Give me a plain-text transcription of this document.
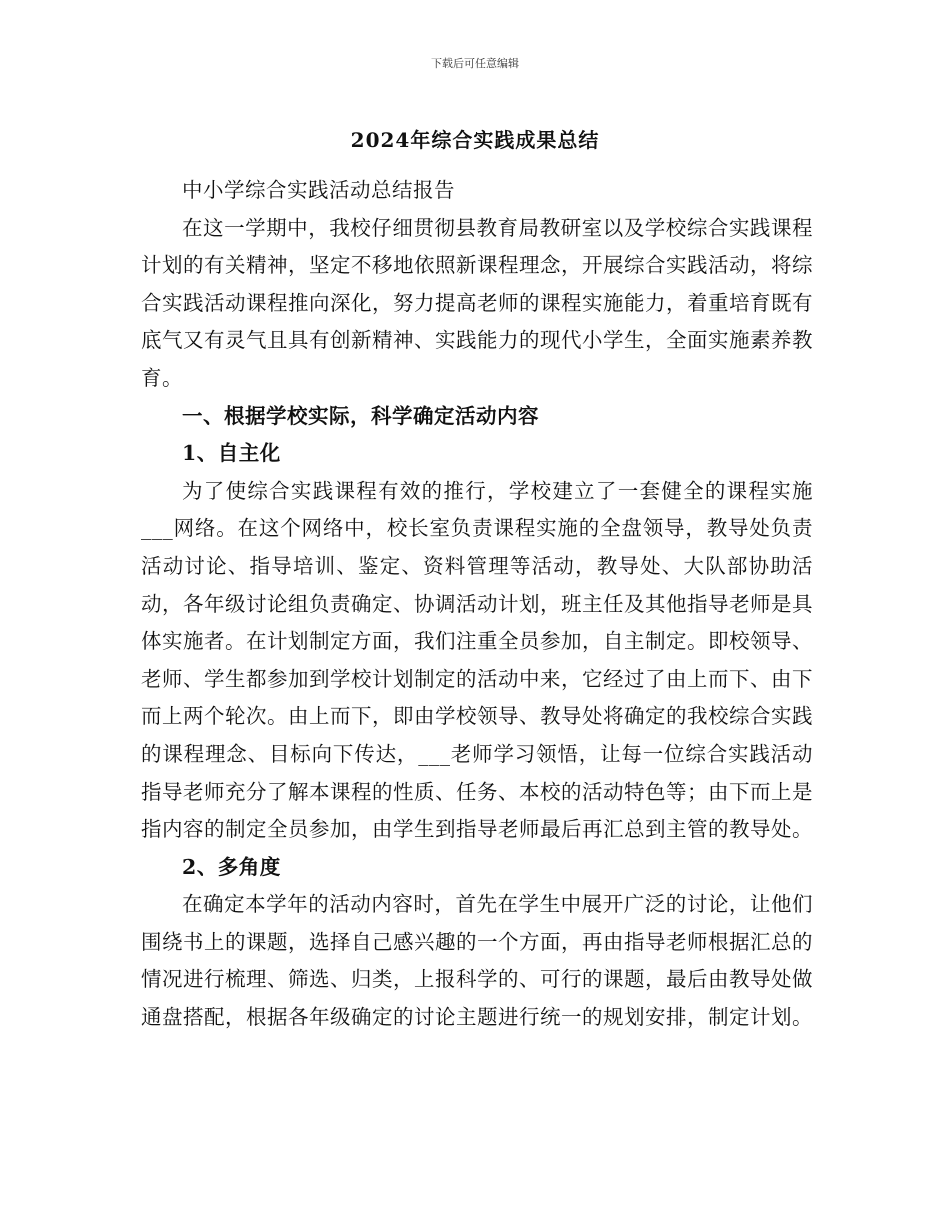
下载后可任意编辑
2024年综合实践成果总结

中小学综合实践活动总结报告

在这一学期中，我校仔细贯彻县教育局教研室以及学校综合实践课程计划的有关精神，坚定不移地依照新课程理念，开展综合实践活动，将综合实践活动课程推向深化，努力提高老师的课程实施能力，着重培育既有底气又有灵气且具有创新精神、实践能力的现代小学生，全面实施素养教育。

一、根据学校实际，科学确定活动内容

1、自主化

为了使综合实践课程有效的推行，学校建立了一套健全的课程实施___网络。在这个网络中，校长室负责课程实施的全盘领导，教导处负责活动讨论、指导培训、鉴定、资料管理等活动，教导处、大队部协助活动，各年级讨论组负责确定、协调活动计划，班主任及其他指导老师是具体实施者。在计划制定方面，我们注重全员参加，自主制定。即校领导、老师、学生都参加到学校计划制定的活动中来，它经过了由上而下、由下而上两个轮次。由上而下，即由学校领导、教导处将确定的我校综合实践的课程理念、目标向下传达，___老师学习领悟，让每一位综合实践活动指导老师充分了解本课程的性质、任务、本校的活动特色等；由下而上是指内容的制定全员参加，由学生到指导老师最后再汇总到主管的教导处。

2、多角度

在确定本学年的活动内容时，首先在学生中展开广泛的讨论，让他们围绕书上的课题，选择自己感兴趣的一个方面，再由指导老师根据汇总的情况进行梳理、筛选、归类，上报科学的、可行的课题，最后由教导处做通盘搭配，根据各年级确定的讨论主题进行统一的规划安排，制定计划。
